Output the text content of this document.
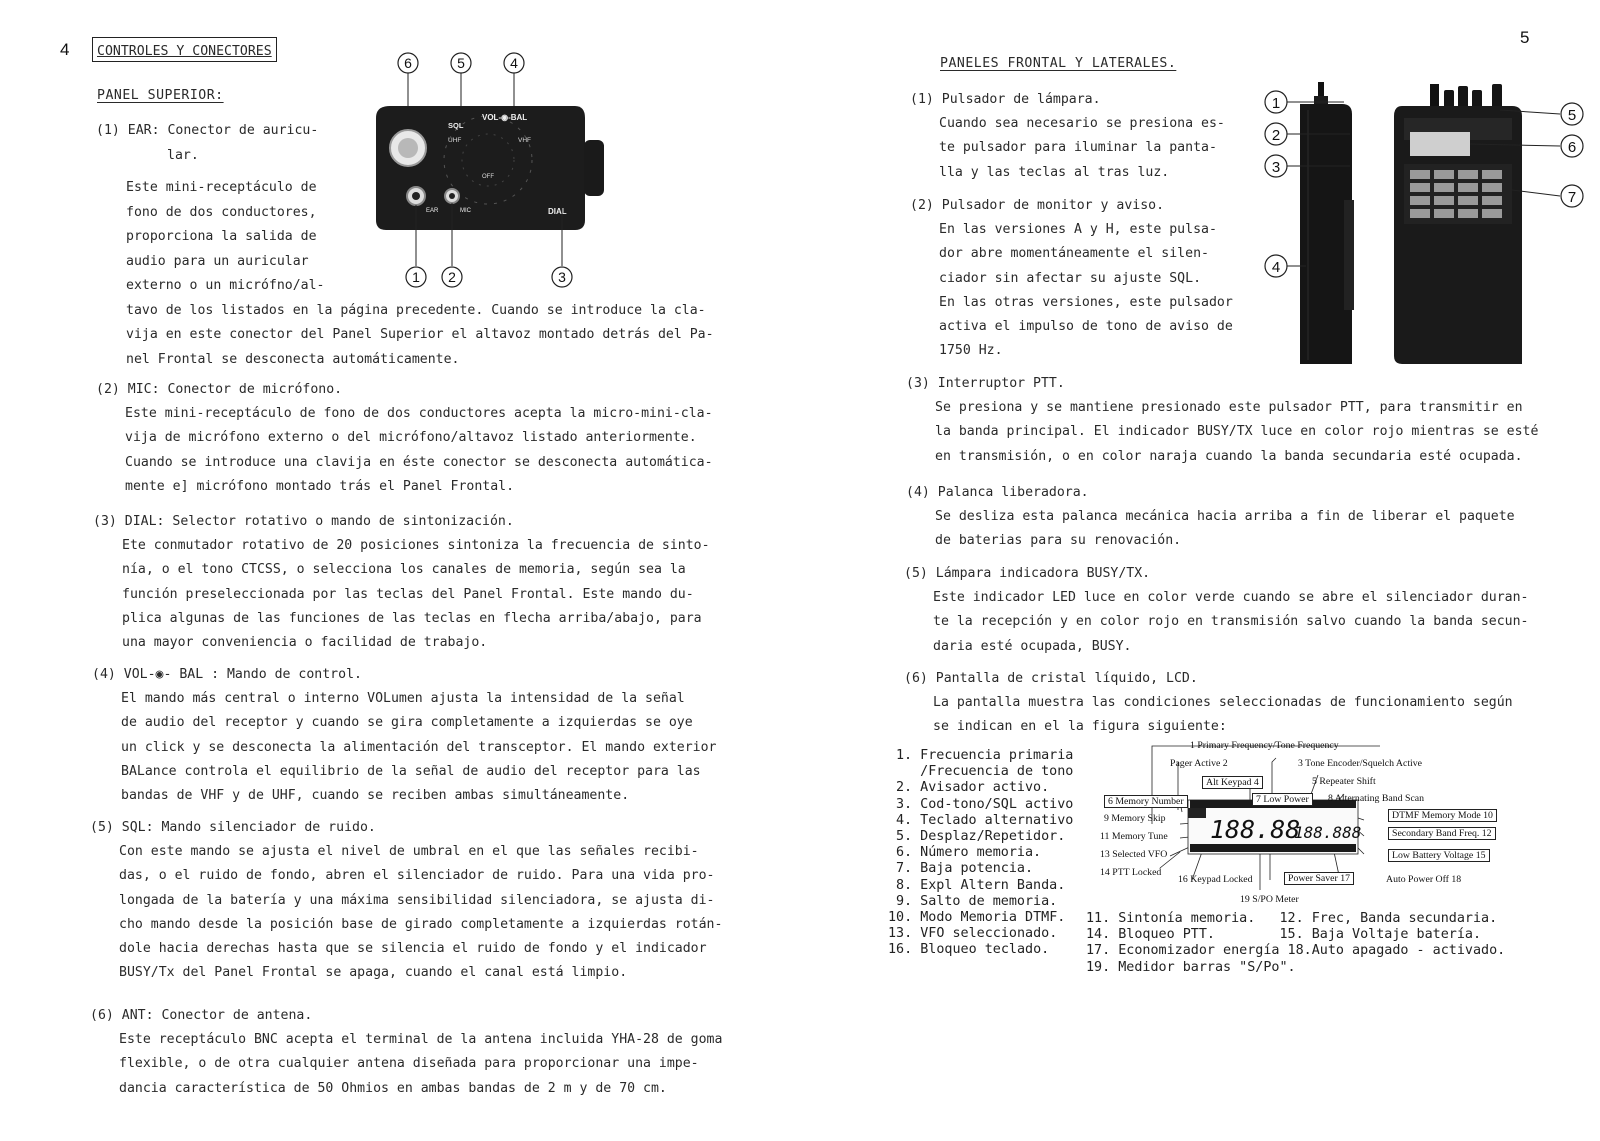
4	CONTROLES Y CONECTORES
PANEL SUPERIOR:
6	5	4
VOL-◉-BAL
SQL
UHF	VHF
OFF
EAR	MIC	DIAL
1 2	3
(1) EAR: Conector de auricu-
lar.
Este mini-receptáculo de
fono de dos conductores,
proporciona la salida de
audio para un auricular
externo o un micrófno/al-
tavo de los listados en la página precedente. Cuando se introduce la cla-
vija en este conector del Panel Superior el altavoz montado detrás del Pa-
nel Frontal se desconecta automáticamente.
(2) MIC: Conector de micrófono.
Este mini-receptáculo de fono de dos conductores acepta la micro-mini-cla-
vija de micrófono externo o del micrófono/altavoz listado anteriormente.
Cuando se introduce una clavija en éste conector se desconecta automática-
mente e] micrófono montado trás el Panel Frontal.
(3) DIAL: Selector rotativo o mando de sintonización.
Ete conmutador rotativo de 20 posiciones sintoniza la frecuencia de sinto-
nía, o el tono CTCSS, o selecciona los canales de memoria, según sea la
función preseleccionada por las teclas del Panel Frontal. Este mando du-
plica algunas de las funciones de las teclas en flecha arriba/abajo, para
una mayor conveniencia o facilidad de trabajo.
(4) VOL-◉- BAL : Mando de control.
El mando más central o interno VOLumen ajusta la intensidad de la señal
de audio del receptor y cuando se gira completamente a izquierdas se oye
un click y se desconecta la alimentación del transceptor. El mando exterior
BALance controla el equilibrio de la señal de audio del receptor para las
bandas de VHF y de UHF, cuando se reciben ambas simultáneamente.
(5) SQL: Mando silenciador de ruido.
Con este mando se ajusta el nivel de umbral en el que las señales recibi-
das, o el ruido de fondo, abren el silenciador de ruido. Para una vida pro-
longada de la batería y una máxima sensibilidad silenciadora, se ajusta di-
cho mando desde la posición base de girado completamente a izquierdas rotán-
dole hacia derechas hasta que se silencia el ruido de fondo y el indicador
BUSY/Tx del Panel Frontal se apaga, cuando el canal está limpio.
(6) ANT: Conector de antena.
Este receptáculo BNC acepta el terminal de la antena incluida YHA-28 de goma
flexible, o de otra cualquier antena diseñada para proporcionar una impe-
dancia característica de 50 Ohmios en ambas bandas de 2 m y de 70 cm.
5
PANELES FRONTAL Y LATERALES.
(1) Pulsador de lámpara.
Cuando sea necesario se presiona es-
te pulsador para iluminar la panta-
lla y las teclas al tras luz.
(2) Pulsador de monitor y aviso.
En las versiones A y H, este pulsa-
dor abre momentáneamente el silen-
ciador sin afectar su ajuste SQL.
En las otras versiones, este pulsador
activa el impulso de tono de aviso de
1750 Hz.
1
2
3
4
5
6
7
(3) Interruptor PTT.
Se presiona y se mantiene presionado este pulsador PTT, para transmitir en
la banda principal. El indicador BUSY/TX luce en color rojo mientras se esté
en transmisión, o en color naraja cuando la banda secundaria esté ocupada.
(4) Palanca liberadora.
Se desliza esta palanca mecánica hacia arriba a fin de liberar el paquete
de baterias para su renovación.
(5) Lámpara indicadora BUSY/TX.
Este indicador LED luce en color verde cuando se abre el silenciador duran-
te la recepción y en color rojo en transmisión salvo cuando la banda secun-
daria esté ocupada, BUSY.
(6) Pantalla de cristal líquido, LCD.
La pantalla muestra las condiciones seleccionadas de funcionamiento según
se indican en el la figura siguiente:
1. Frecuencia primaria
/Frecuencia de tono
2. Avisador activo.
3. Cod-tono/SQL activo
4. Teclado alternativo
5. Desplaz/Repetidor.
6. Número memoria.
7. Baja potencia.
8. Expl Altern Banda.
9. Salto de memoria.
10. Modo Memoria DTMF.
13. VFO seleccionado.
16. Bloqueo teclado.
11. Sintonía memoria.   12. Frec, Banda secundaria.
14. Bloqueo PTT.        15. Baja Voltaje batería.
17. Economizador energía 18.Auto apagado - activado.
19. Medidor barras "S/Po".
188.88
188.888
1 Primary Frequency/Tone Frequency
Pager Active 2	3 Tone Encoder/Squelch Active
Alt Keypad 4	5 Repeater Shift
6 Memory Number	7 Low Power	8 Alternating Band Scan
9 Memory Skip	DTMF Memory Mode 10
11 Memory Tune	Secondary Band Freq. 12
13 Selected VFO
14 PTT Locked
Low Battery Voltage 15
16 Keypad Locked	Power Saver 17	Auto Power Off 18
19 S/PO Meter
